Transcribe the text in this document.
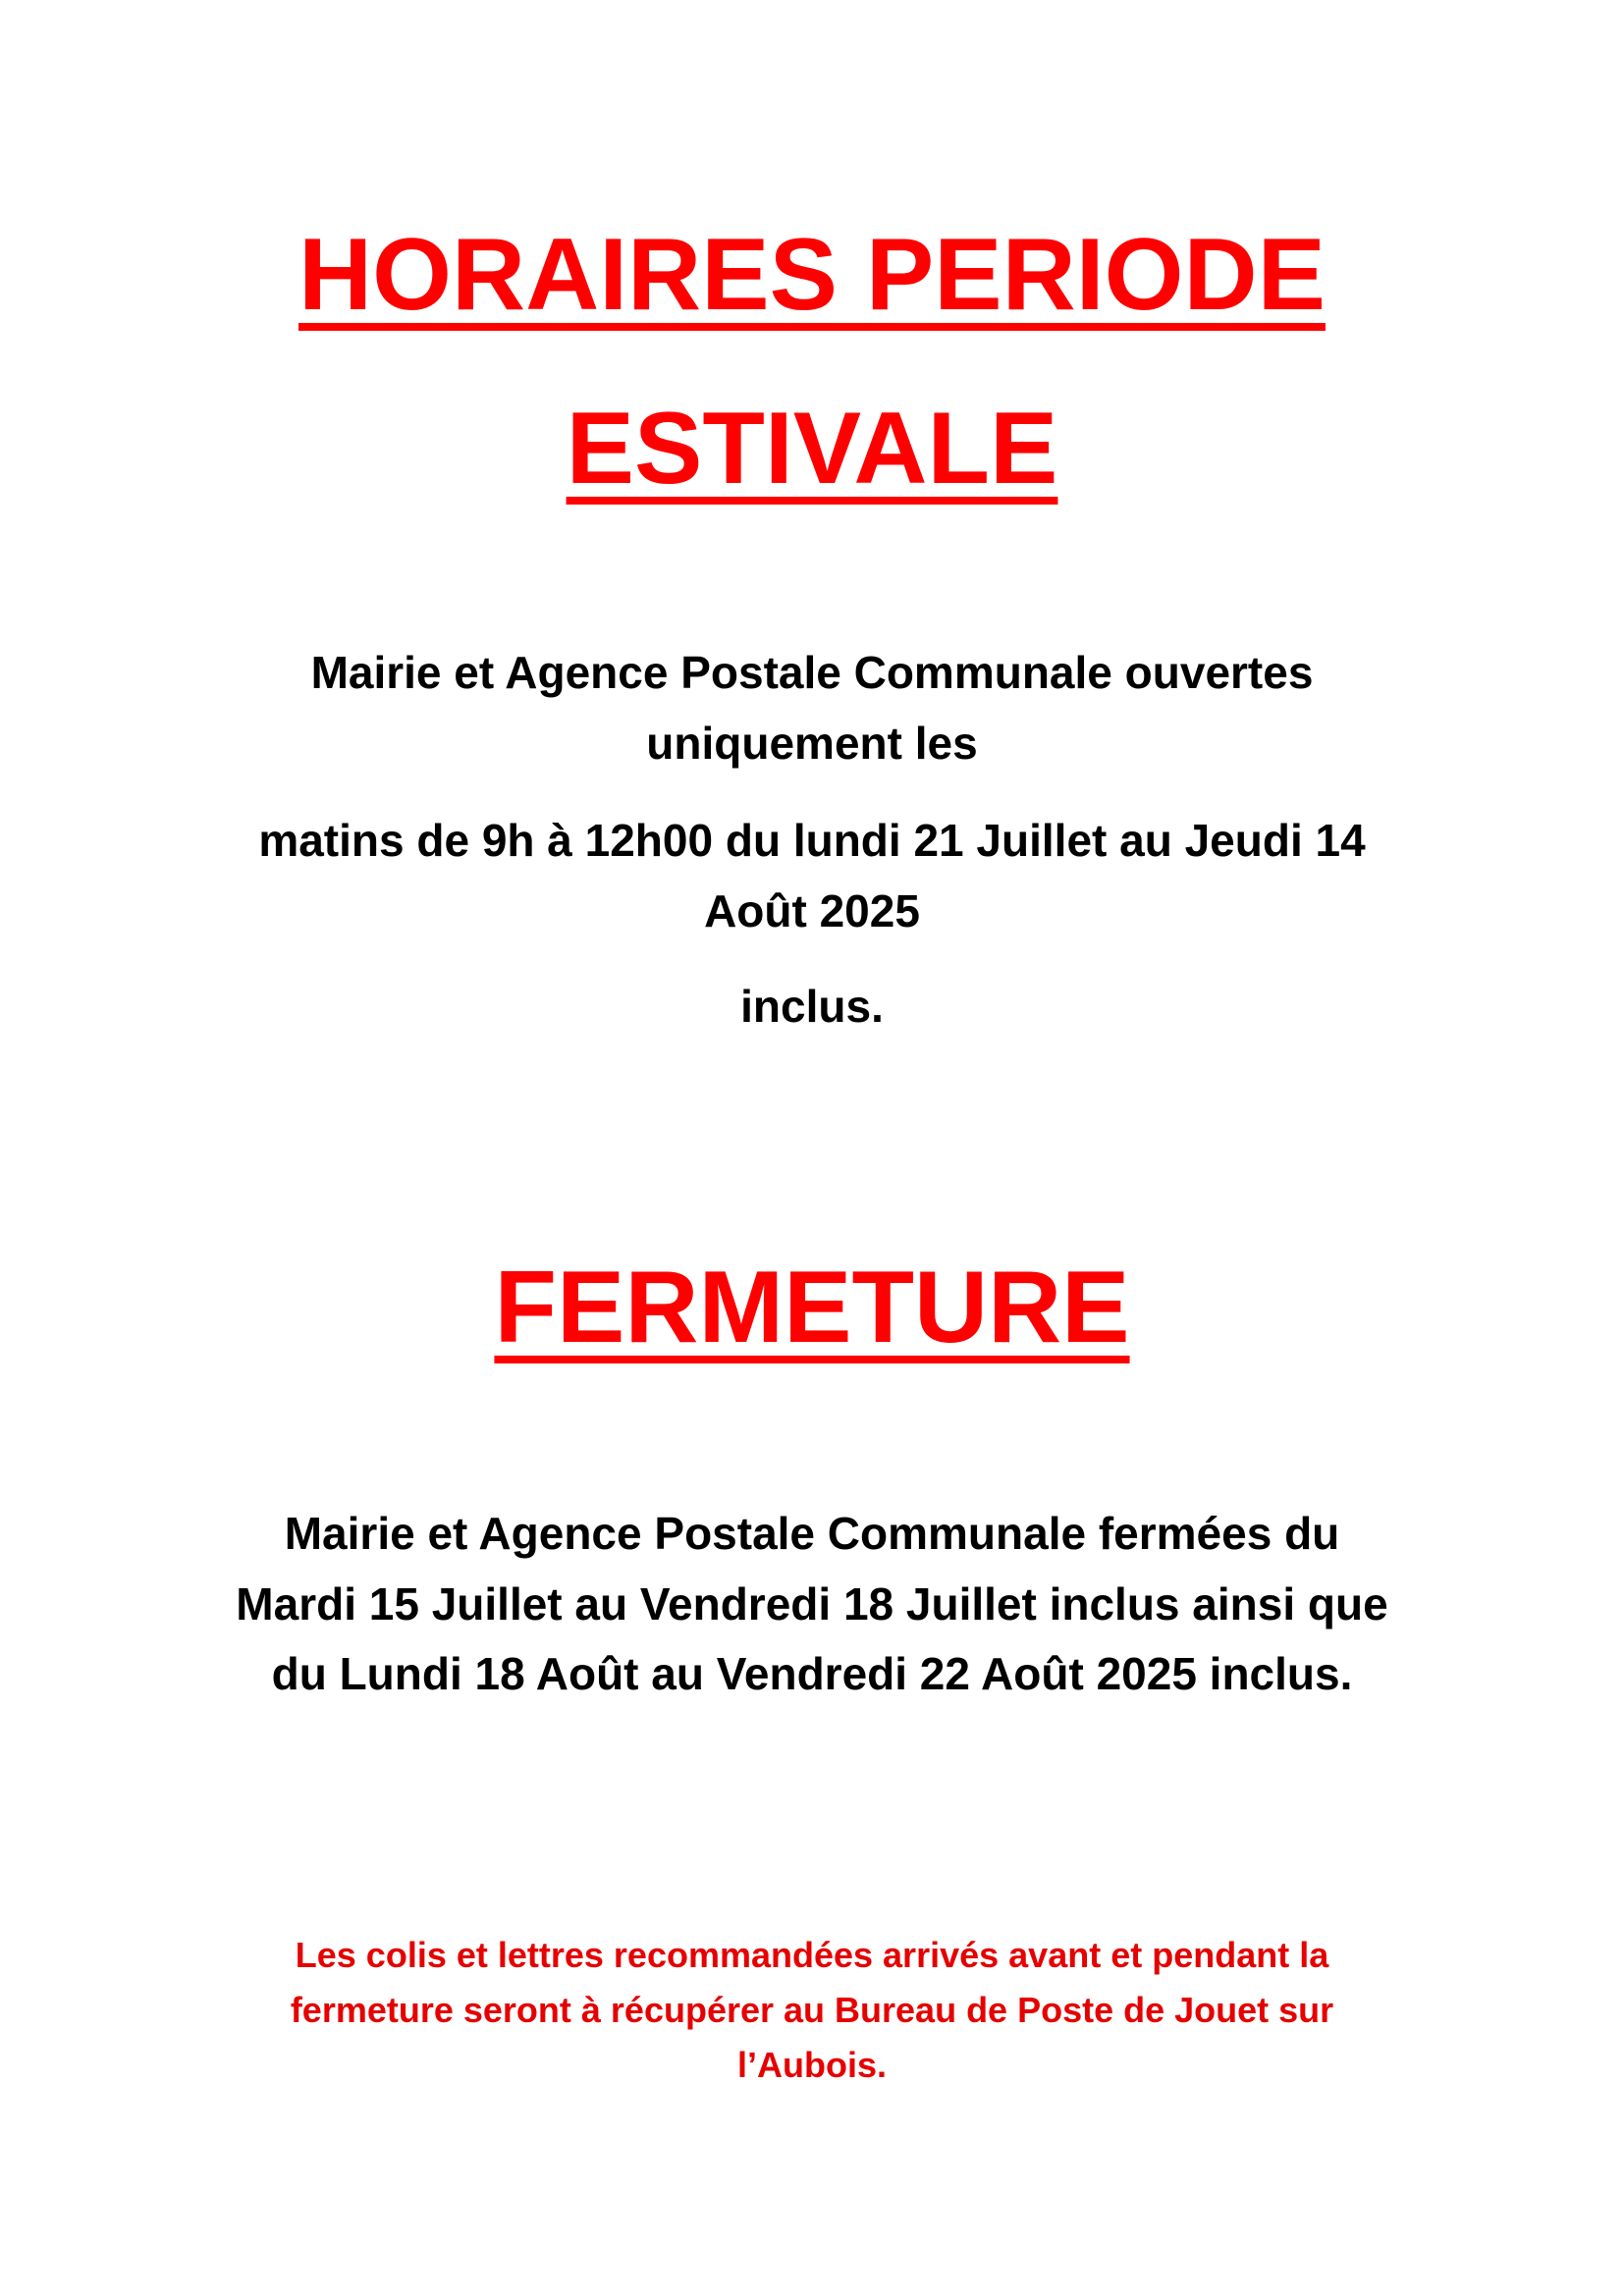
HORAIRES PERIODE
ESTIVALE

Mairie et Agence Postale Communale ouvertes

uniquement les

matins de 9h à 12h00 du lundi 21 Juillet au Jeudi 14

Août 2025

inclus.

FERMETURE

Mairie et Agence Postale Communale fermées du

Mardi 15 Juillet au Vendredi 18 Juillet inclus ainsi que

du Lundi 18 Août au Vendredi 22 Août 2025 inclus.

Les colis et lettres recommandées arrivés avant et pendant la

fermeture seront à récupérer au Bureau de Poste de Jouet sur

l’Aubois.
